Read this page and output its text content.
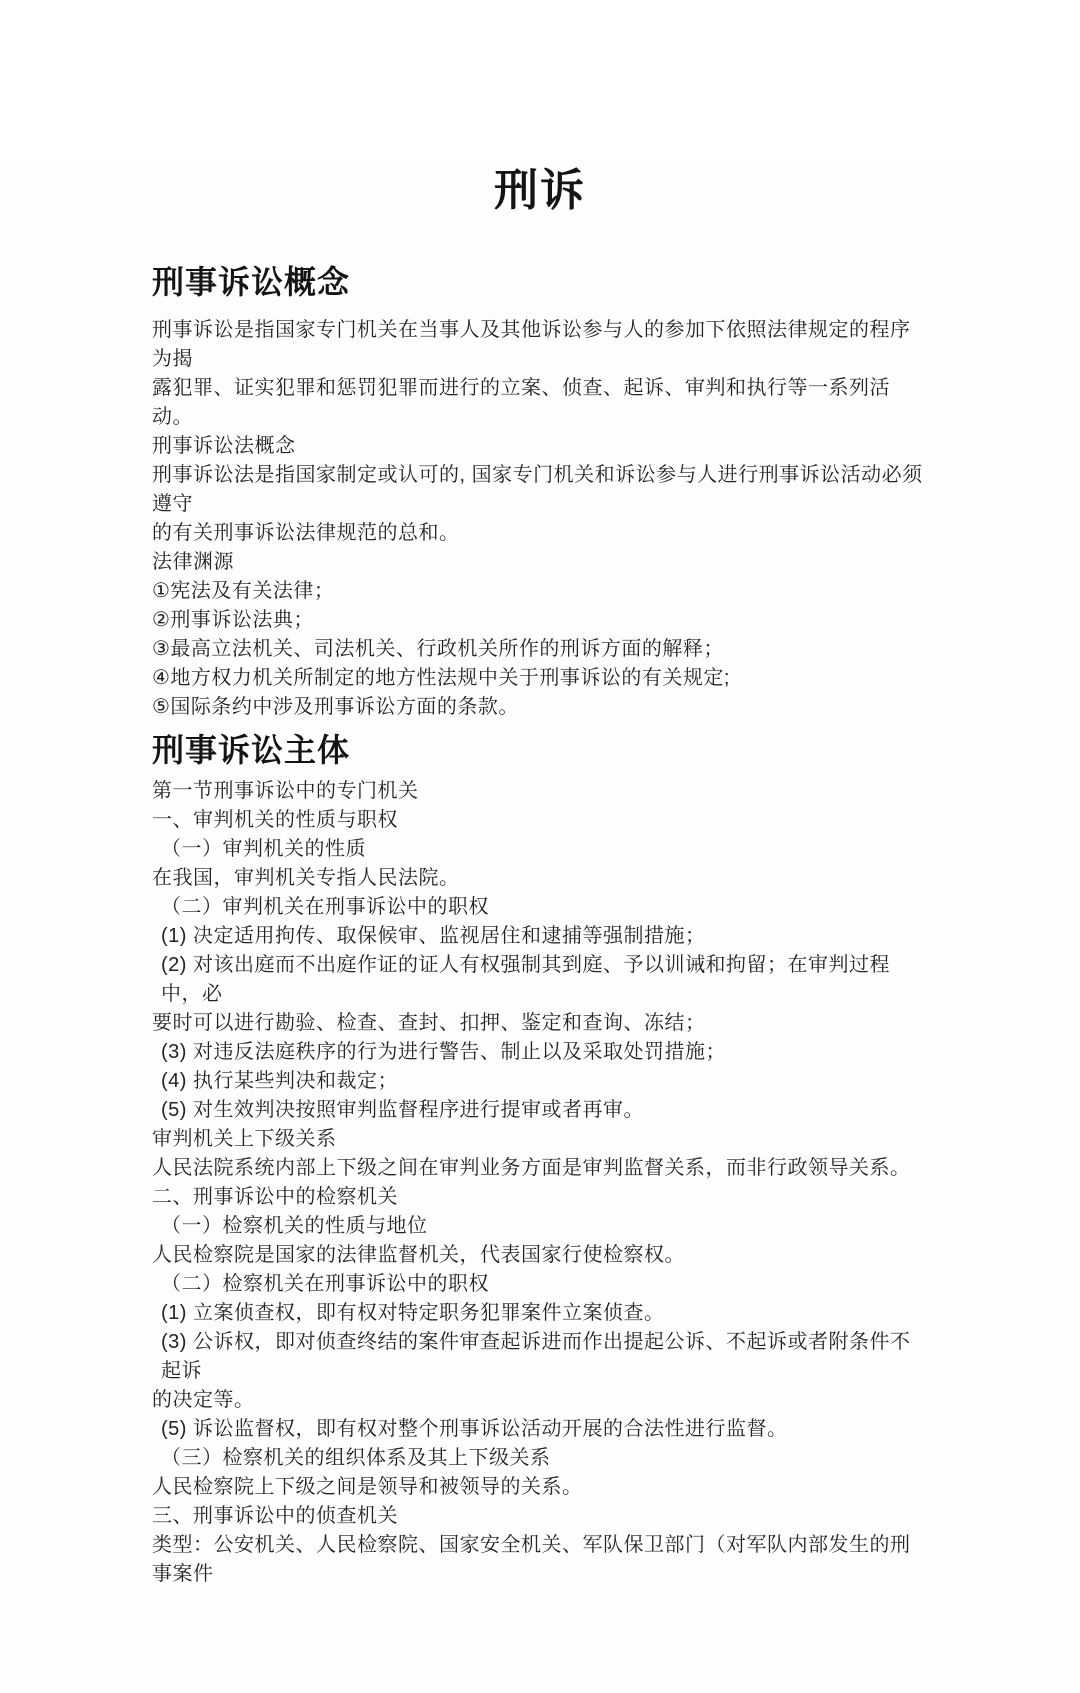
刑诉
刑事诉讼概念
刑事诉讼是指国家专门机关在当事人及其他诉讼参与人的参加下依照法律规定的程序为揭
露犯罪、证实犯罪和惩罚犯罪而进行的立案、侦查、起诉、审判和执行等一系列活动。
刑事诉讼法概念
刑事诉讼法是指国家制定或认可的, 国家专门机关和诉讼参与人进行刑事诉讼活动必须遵守
的有关刑事诉讼法律规范的总和。
法律渊源
①宪法及有关法律；
②刑事诉讼法典；
③最高立法机关、司法机关、行政机关所作的刑诉方面的解释；
④地方权力机关所制定的地方性法规中关于刑事诉讼的有关规定;
⑤国际条约中涉及刑事诉讼方面的条款。
刑事诉讼主体
第一节刑事诉讼中的专门机关
一、审判机关的性质与职权
（一）审判机关的性质
在我国，审判机关专指人民法院。
（二）审判机关在刑事诉讼中的职权
(1) 决定适用拘传、取保候审、监视居住和逮捕等强制措施；
(2) 对该出庭而不出庭作证的证人有权强制其到庭、予以训诫和拘留；在审判过程中，必
要时可以进行勘验、检查、查封、扣押、鉴定和查询、冻结；
(3) 对违反法庭秩序的行为进行警告、制止以及采取处罚措施；
(4) 执行某些判决和裁定；
(5) 对生效判决按照审判监督程序进行提审或者再审。
审判机关上下级关系
人民法院系统内部上下级之间在审判业务方面是审判监督关系，而非行政领导关系。
二、刑事诉讼中的检察机关
（一）检察机关的性质与地位
人民检察院是国家的法律监督机关，代表国家行使检察权。
（二）检察机关在刑事诉讼中的职权
(1) 立案侦查权，即有权对特定职务犯罪案件立案侦查。
(3) 公诉权，即对侦查终结的案件审查起诉进而作出提起公诉、不起诉或者附条件不起诉
的决定等。
(5) 诉讼监督权，即有权对整个刑事诉讼活动开展的合法性进行监督。
（三）检察机关的组织体系及其上下级关系
人民检察院上下级之间是领导和被领导的关系。
三、刑事诉讼中的侦查机关
类型：公安机关、人民检察院、国家安全机关、军队保卫部门（对军队内部发生的刑事案件
